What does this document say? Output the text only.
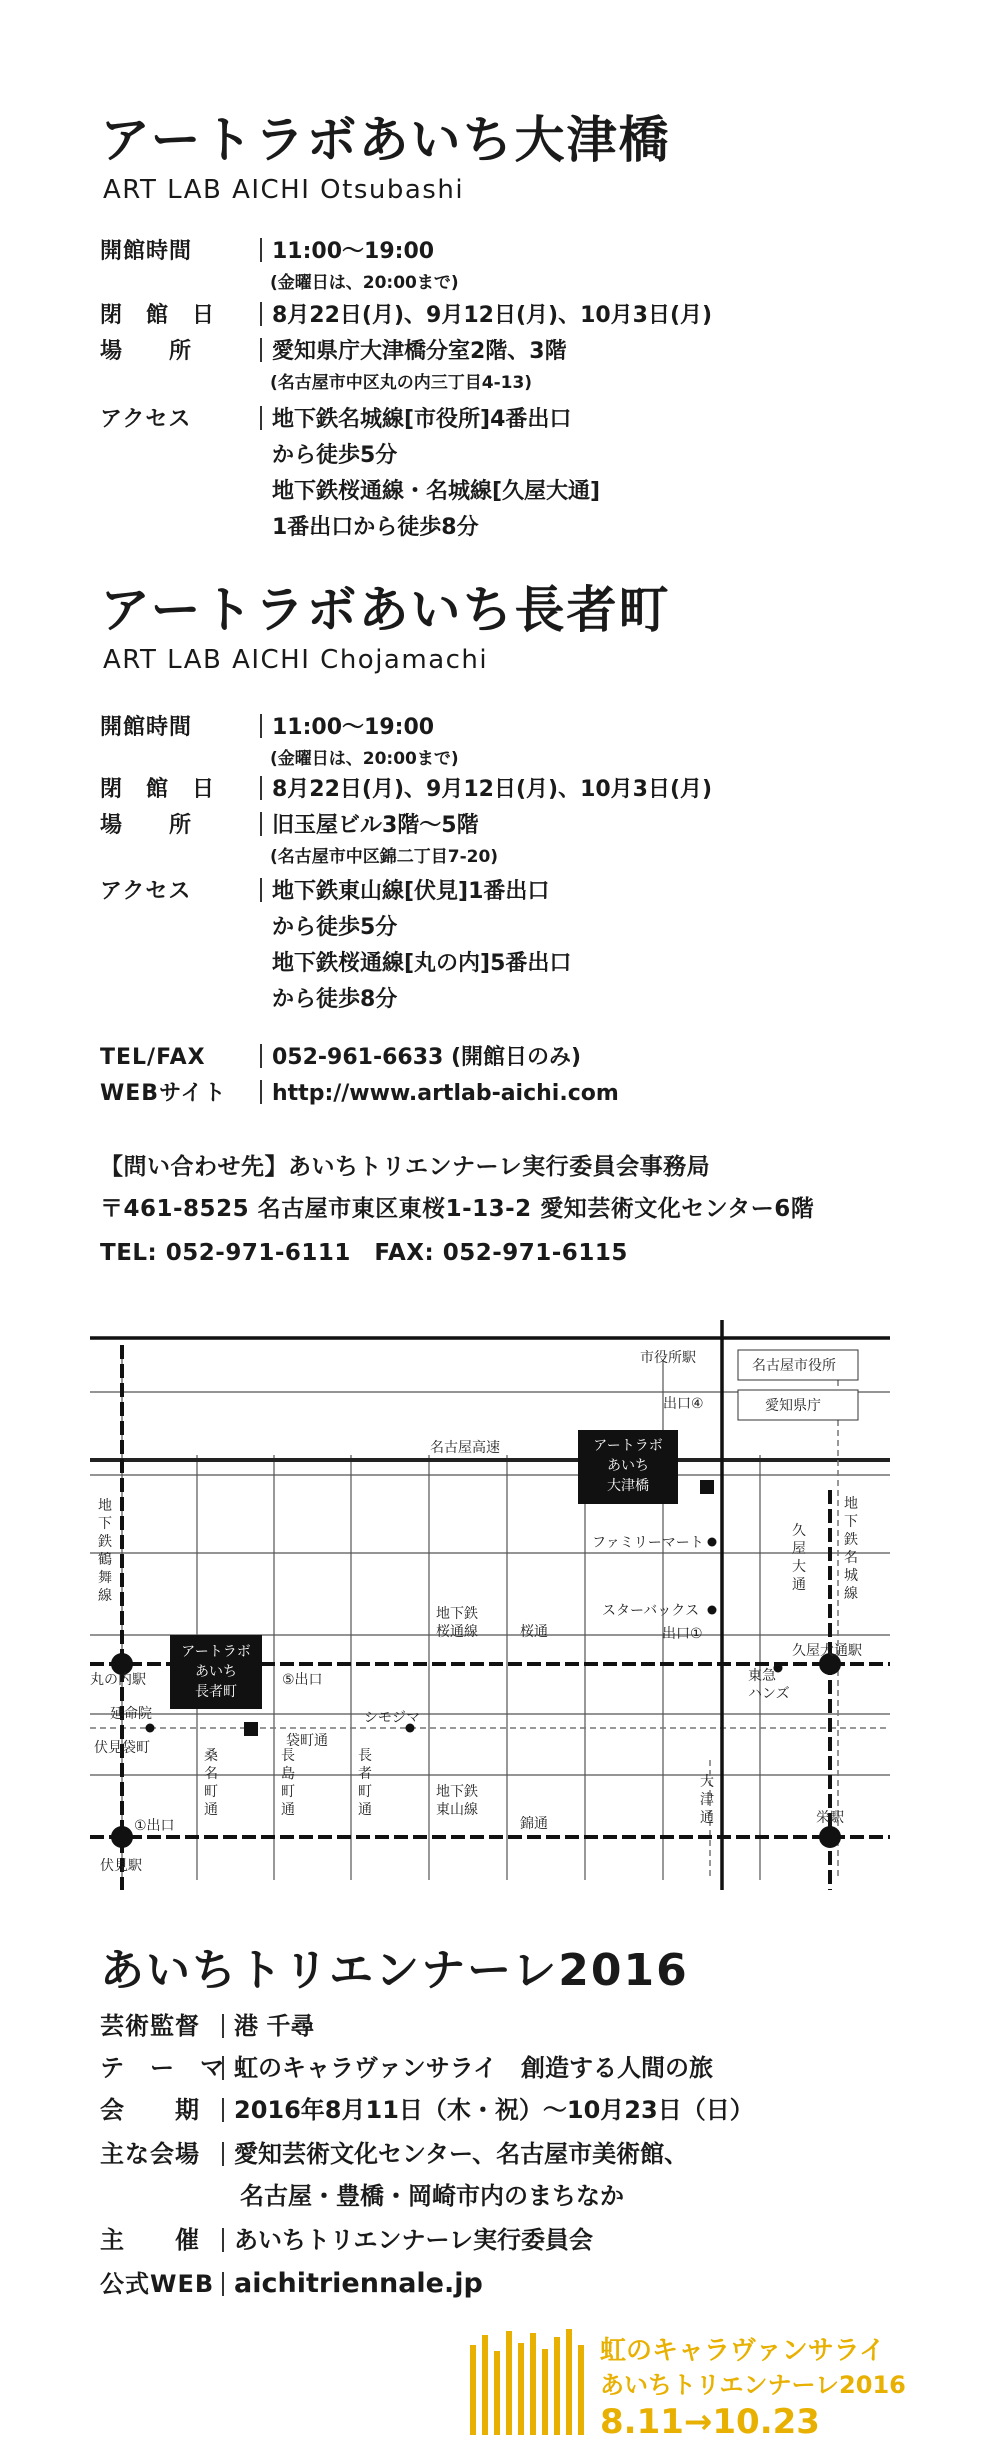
アートラボあいち大津橋
ART LAB AICHI Otsubashi
開館時間	11:00〜19:00
(金曜日は、20:00まで)
閉　館　日	8月22日(月)、9月12日(月)、10月3日(月)
場　　所	愛知県庁大津橋分室2階、3階
(名古屋市中区丸の内三丁目4-13)
アクセス	地下鉄名城線[市役所]4番出口
から徒歩5分
地下鉄桜通線・名城線[久屋大通]
1番出口から徒歩8分
アートラボあいち長者町
ART LAB AICHI Chojamachi
開館時間	11:00〜19:00
(金曜日は、20:00まで)
閉　館　日	8月22日(月)、9月12日(月)、10月3日(月)
場　　所	旧玉屋ビル3階〜5階
(名古屋市中区錦二丁目7-20)
アクセス	地下鉄東山線[伏見]1番出口
から徒歩5分
地下鉄桜通線[丸の内]5番出口
から徒歩8分
TEL/FAX	052-961-6633 (開館日のみ)
WEBサイト http://www.artlab-aichi.com
【問い合わせ先】あいちトリエンナーレ実行委員会事務局
〒461-8525 名古屋市東区東桜1-13-2 愛知芸術文化センター6階
TEL: 052-971-6111　FAX: 052-971-6115
市役所駅	名古屋市役所
愛知県庁
出口④
名古屋高速	アートラボ
あいち
大津橋
アートラボ
あいち
長者町
ファミリーマート
スターバックス
出口①
久屋大通駅
東急
ハンズ
地
下
鉄
鶴
舞
線
地
下
鉄
名
城
線
久
屋
大
通
桑
名
町
通
長
島
町
通
長
者
町
通
大
津
通
地下鉄
桜通線	桜通
丸の内駅	⑤出口
延命院
伏見袋町	袋町通
シモジマ
地下鉄
東山線
錦通
①出口
伏見駅
栄駅
あいちトリエンナーレ2016
芸術監督 港 千尋
テ　ー　マ 虹のキャラヴァンサライ　創造する人間の旅
会　　期 2016年8月11日（木・祝）〜10月23日（日）
主な会場 愛知芸術文化センター、名古屋市美術館、
名古屋・豊橋・岡崎市内のまちなか
主　　催 あいちトリエンナーレ実行委員会
公式WEB aichitriennale.jp
虹のキャラヴァンサライ
あいちトリエンナーレ2016
8.11→10.23
